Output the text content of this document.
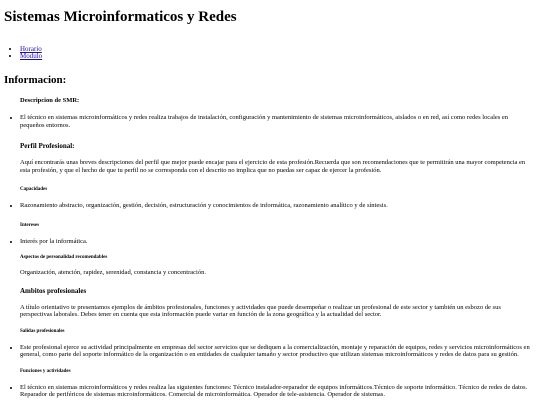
Sistemas Microinformaticos y Redes
• Horario
• Modulo
Informacion:
Descripcion de SMR:
• El técnico en sistemas microinformáticos y redes realiza trabajos de instalación, configuración y mantenimiento de sistemas microinformáticos, aislados o en red, así como redes locales en pequeños entornos.
Perfil Profesional:

Aquí encontrarás unas breves descripciones del perfil que mejor puede encajar para el ejercicio de esta profesión.Recuerda que son recomendaciones que te permitirán una mayor competencia en esta profesión, y que el hecho de que tu perfil no se corresponda con el descrito no implica que no puedas ser capaz de ejercer la profesión.

Capacidades
• Razonamiento abstracto, organización, gestión, decisión, estructuración y conocimientos de informática, razonamiento analítico y de síntesis.
Intereses
• Interés por la informática.
Aspectos de personalidad recomendables

Organización, atención, rapidez, serenidad, constancia y concentración.

Ambitos profesionales

A título orientativo te presentamos ejemplos de ámbitos profesionales, funciones y actividades que puede desempeñar o realizar un profesional de este sector y también un esbozo de sus perspectivas laborales. Debes tener en cuenta que esta información puede variar en función de la zona geográfica y la actualidad del sector.

Salidas profesionales
• Este profesional ejerce su actividad principalmente en empresas del sector servicios que se dediquen a la comercialización, montaje y reparación de equipos, redes y servicios microinformáticos en general, como parte del soporte informático de la organización o en entidades de cualquier tamaño y sector productivo que utilizan sistemas microinformáticos y redes de datos para su gestión.
Funciones y actividades
• El técnico en sistemas microinformáticos y redes realiza las siguientes funciones: Técnico instalador-reparador de equipos informáticos.Técnico de soporte informático. Técnico de redes de datos. Reparador de periféricos de sistemas microinformáticos. Comercial de microinformática. Operador de tele-asistencia. Operador de sistemas.
